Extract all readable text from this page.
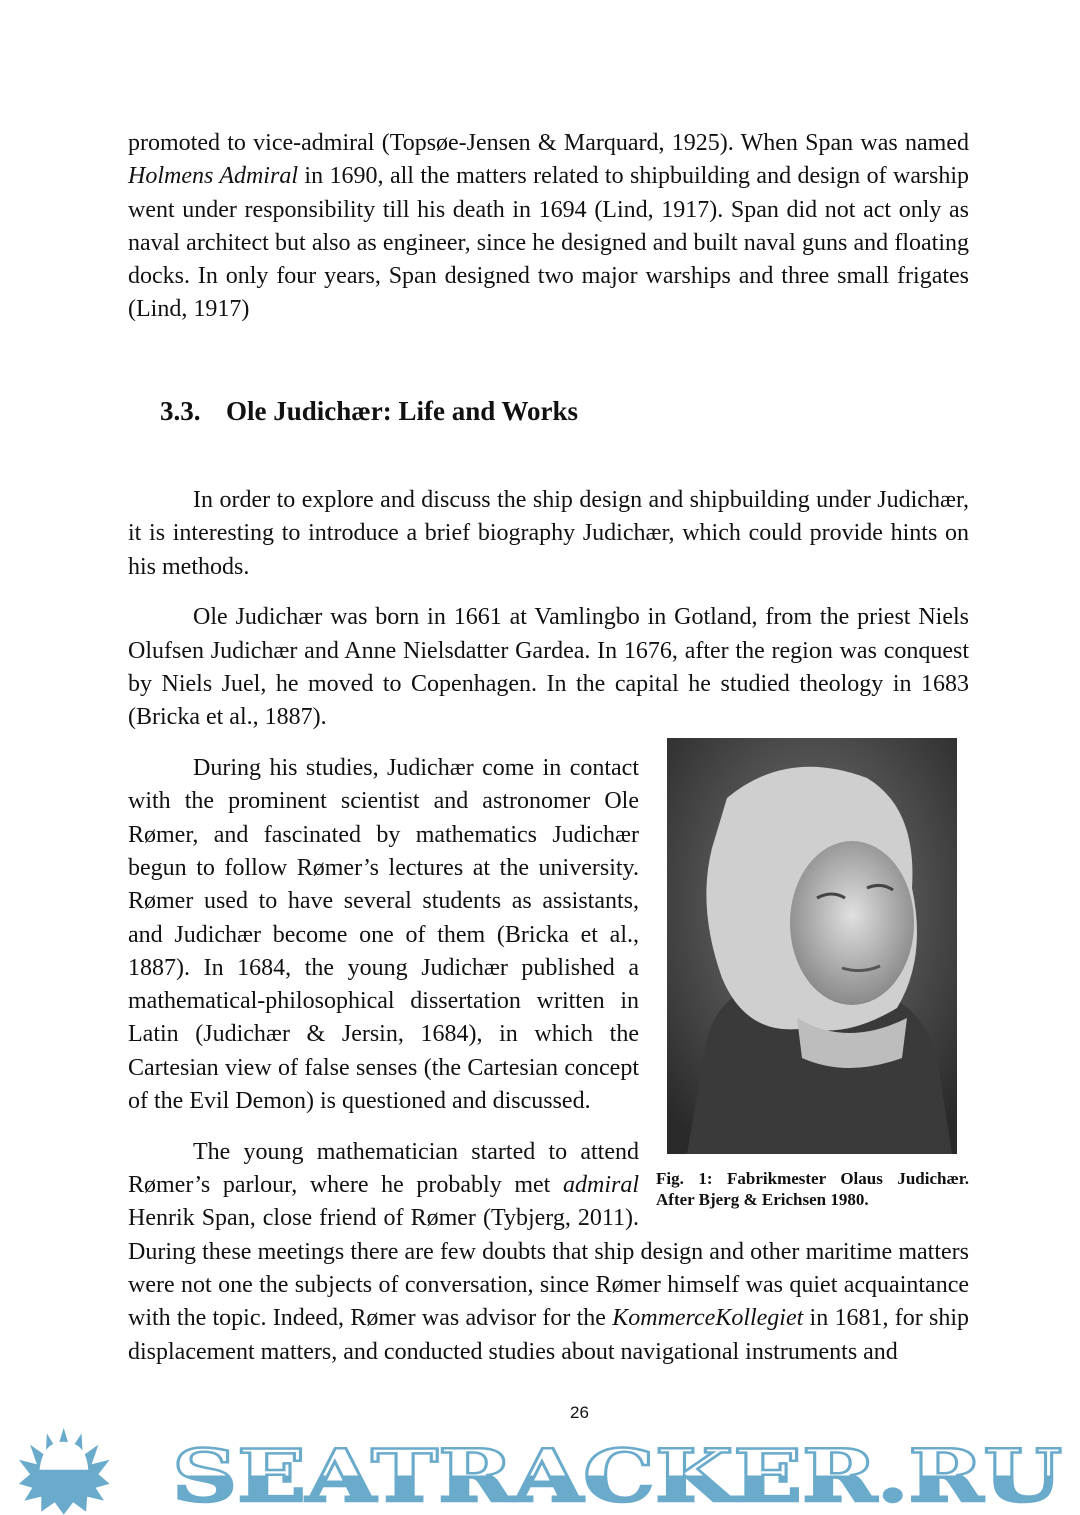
promoted to vice-admiral (Topsøe-Jensen & Marquard, 1925). When Span was named Holmens Admiral in 1690, all the matters related to shipbuilding and design of warship went under responsibility till his death in 1694 (Lind, 1917). Span did not act only as naval architect but also as engineer, since he designed and built naval guns and floating docks. In only four years, Span designed two major warships and three small frigates (Lind, 1917)

3.3. Ole Judichær: Life and Works

In order to explore and discuss the ship design and shipbuilding under Judichær, it is interesting to introduce a brief biography Judichær, which could provide hints on his methods.

Ole Judichær was born in 1661 at Vamlingbo in Gotland, from the priest Niels Olufsen Judichær and Anne Nielsdatter Gardea. In 1676, after the region was conquest by Niels Juel, he moved to Copenhagen. In the capital he studied theology in 1683 (Bricka et al., 1887).

Fig. 1: Fabrikmester Olaus Judichær. After Bjerg & Erichsen 1980.

During his studies, Judichær come in contact with the prominent scientist and astronomer Ole Rømer, and fascinated by mathematics Judichær begun to follow Rømer’s lectures at the university. Rømer used to have several students as assistants, and Judichær become one of them (Bricka et al., 1887). In 1684, the young Judichær published a mathematical-philosophical dissertation written in Latin (Judichær & Jersin, 1684), in which the Cartesian view of false senses (the Cartesian concept of the Evil Demon) is questioned and discussed.

The young mathematician started to attend Rømer’s parlour, where he probably met admiral Henrik Span, close friend of Rømer (Tybjerg, 2011). During these meetings there are few doubts that ship design and other maritime matters were not one the subjects of conversation, since Rømer himself was quiet acquaintance with the topic. Indeed, Rømer was advisor for the KommerceKollegiet in 1681, for ship displacement matters, and conducted studies about navigational instruments and

26
SEATRACKER.RU
